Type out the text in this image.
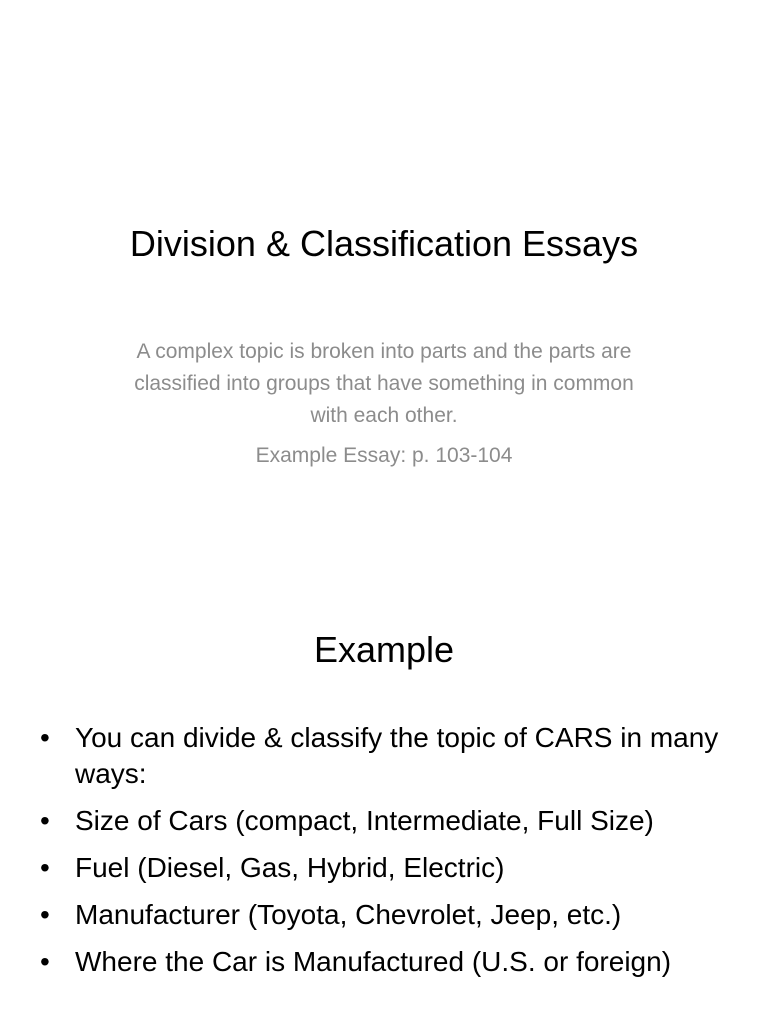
Division & Classification Essays

A complex topic is broken into parts and the parts are classified into groups that have something in common with each other.

Example Essay: p. 103-104

Example
• You can divide & classify the topic of CARS in many ways:
• Size of Cars (compact, Intermediate, Full Size)
• Fuel (Diesel, Gas, Hybrid, Electric)
• Manufacturer (Toyota, Chevrolet, Jeep, etc.)
• Where the Car is Manufactured (U.S. or foreign)
